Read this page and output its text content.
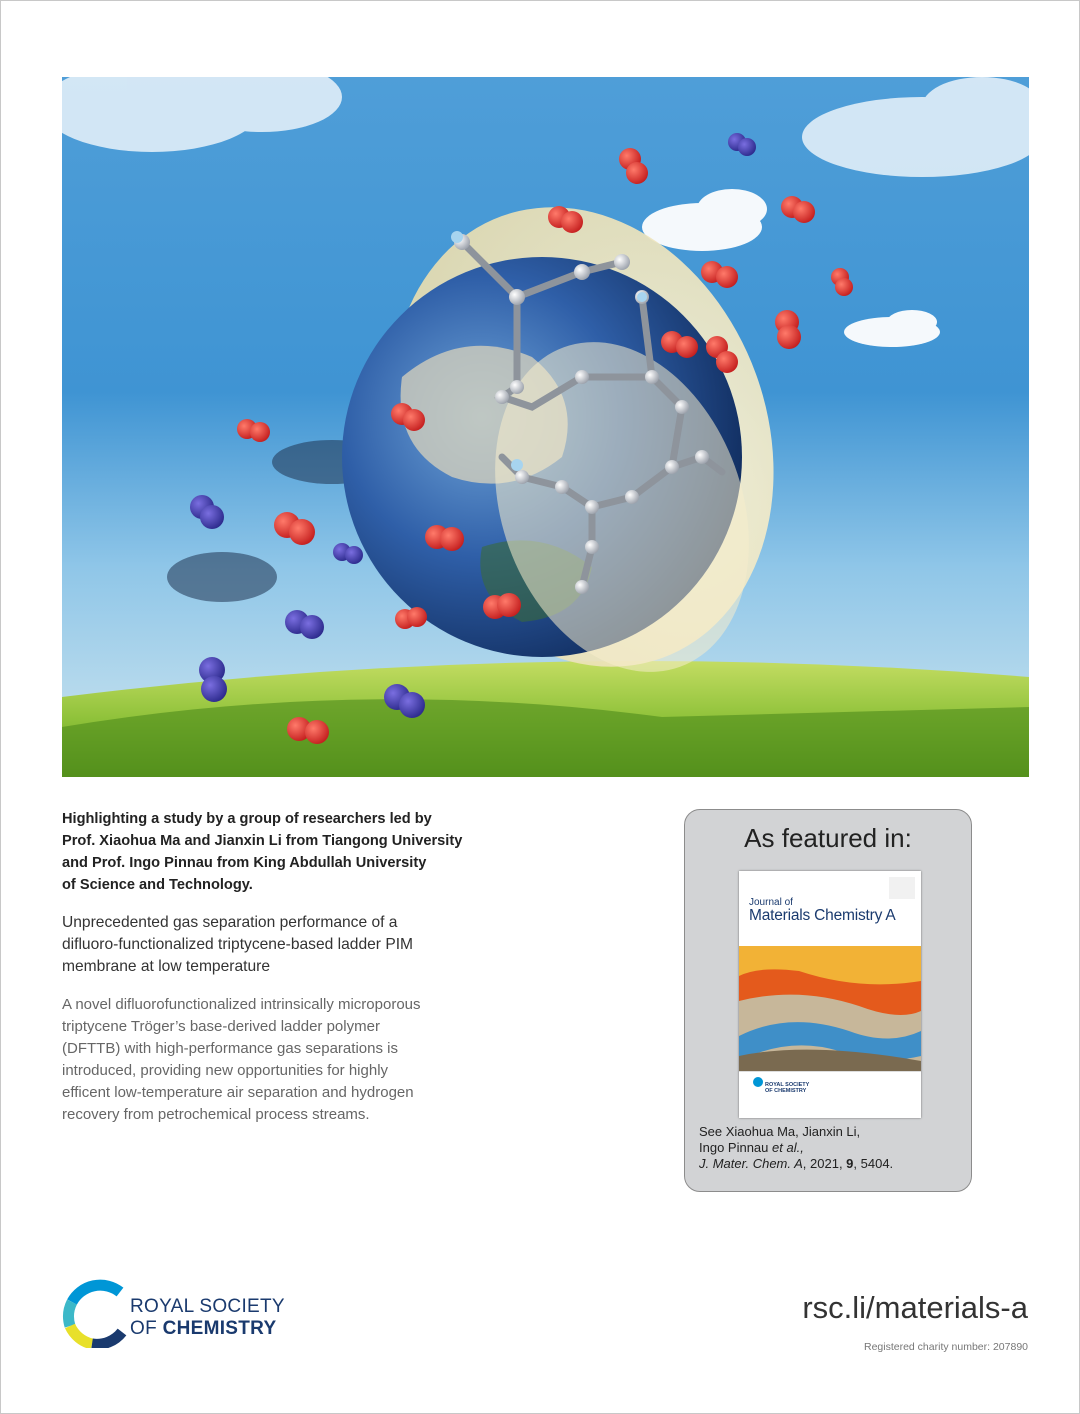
Highlighting a study by a group of researchers led by
Prof. Xiaohua Ma and Jianxin Li from Tiangong University
and Prof. Ingo Pinnau from King Abdullah University
of Science and Technology.
Unprecedented gas separation performance of a
difluoro-functionalized triptycene-based ladder PIM
membrane at low temperature
A novel difluorofunctionalized intrinsically microporous
triptycene Tröger’s base-derived ladder polymer
(DFTTB) with high-performance gas separations is
introduced, providing new opportunities for highly
efficent low-temperature air separation and hydrogen
recovery from petrochemical process streams.
As featured in:
Journal of
Materials Chemistry A
ROYAL SOCIETY
OF CHEMISTRY
See Xiaohua Ma, Jianxin Li,
Ingo Pinnau et al.,
J. Mater. Chem. A, 2021, 9, 5404.
ROYAL SOCIETY
OF CHEMISTRY
rsc.li/materials-a
Registered charity number: 207890
